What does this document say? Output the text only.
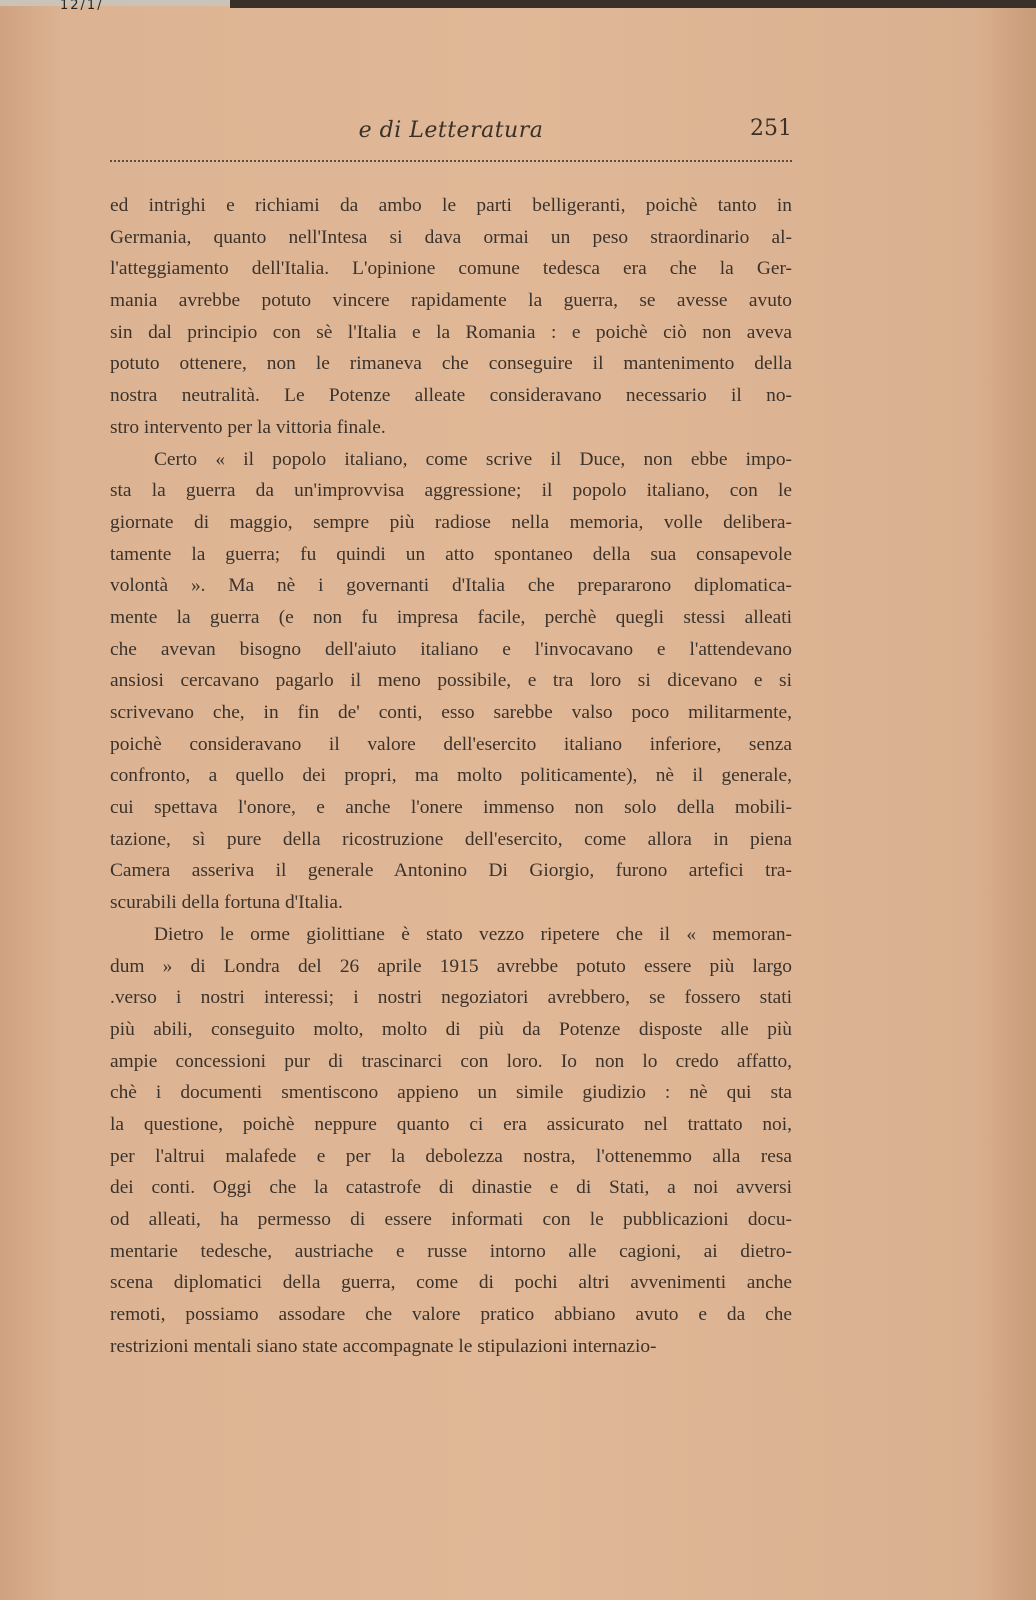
12/1/
e di Letteratura	251
ed intrighi e richiami da ambo le parti belligeranti, poichè tanto in
Germania, quanto nell'Intesa si dava ormai un peso straordinario al-
l'atteggiamento dell'Italia. L'opinione comune tedesca era che la Ger-
mania avrebbe potuto vincere rapidamente la guerra, se avesse avuto
sin dal principio con sè l'Italia e la Romania : e poichè ciò non aveva
potuto ottenere, non le rimaneva che conseguire il mantenimento della
nostra neutralità. Le Potenze alleate consideravano necessario il no-
stro intervento per la vittoria finale.
Certo « il popolo italiano, come scrive il Duce, non ebbe impo-
sta la guerra da un'improvvisa aggressione; il popolo italiano, con le
giornate di maggio, sempre più radiose nella memoria, volle delibera-
tamente la guerra; fu quindi un atto spontaneo della sua consapevole
volontà ». Ma nè i governanti d'Italia che prepararono diplomatica-
mente la guerra (e non fu impresa facile, perchè quegli stessi alleati
che avevan bisogno dell'aiuto italiano e l'invocavano e l'attendevano
ansiosi cercavano pagarlo il meno possibile, e tra loro si dicevano e si
scrivevano che, in fin de' conti, esso sarebbe valso poco militarmente,
poichè consideravano il valore dell'esercito italiano inferiore, senza
confronto, a quello dei propri, ma molto politicamente), nè il generale,
cui spettava l'onore, e anche l'onere immenso non solo della mobili-
tazione, sì pure della ricostruzione dell'esercito, come allora in piena
Camera asseriva il generale Antonino Di Giorgio, furono artefici tra-
scurabili della fortuna d'Italia.
Dietro le orme giolittiane è stato vezzo ripetere che il « memoran-
dum » di Londra del 26 aprile 1915 avrebbe potuto essere più largo
.verso i nostri interessi; i nostri negoziatori avrebbero, se fossero stati
più abili, conseguito molto, molto di più da Potenze disposte alle più
ampie concessioni pur di trascinarci con loro. Io non lo credo affatto,
chè i documenti smentiscono appieno un simile giudizio : nè qui sta
la questione, poichè neppure quanto ci era assicurato nel trattato noi,
per l'altrui malafede e per la debolezza nostra, l'ottenemmo alla resa
dei conti. Oggi che la catastrofe di dinastie e di Stati, a noi avversi
od alleati, ha permesso di essere informati con le pubblicazioni docu-
mentarie tedesche, austriache e russe intorno alle cagioni, ai dietro-
scena diplomatici della guerra, come di pochi altri avvenimenti anche
remoti, possiamo assodare che valore pratico abbiano avuto e da che
restrizioni mentali siano state accompagnate le stipulazioni internazio-
